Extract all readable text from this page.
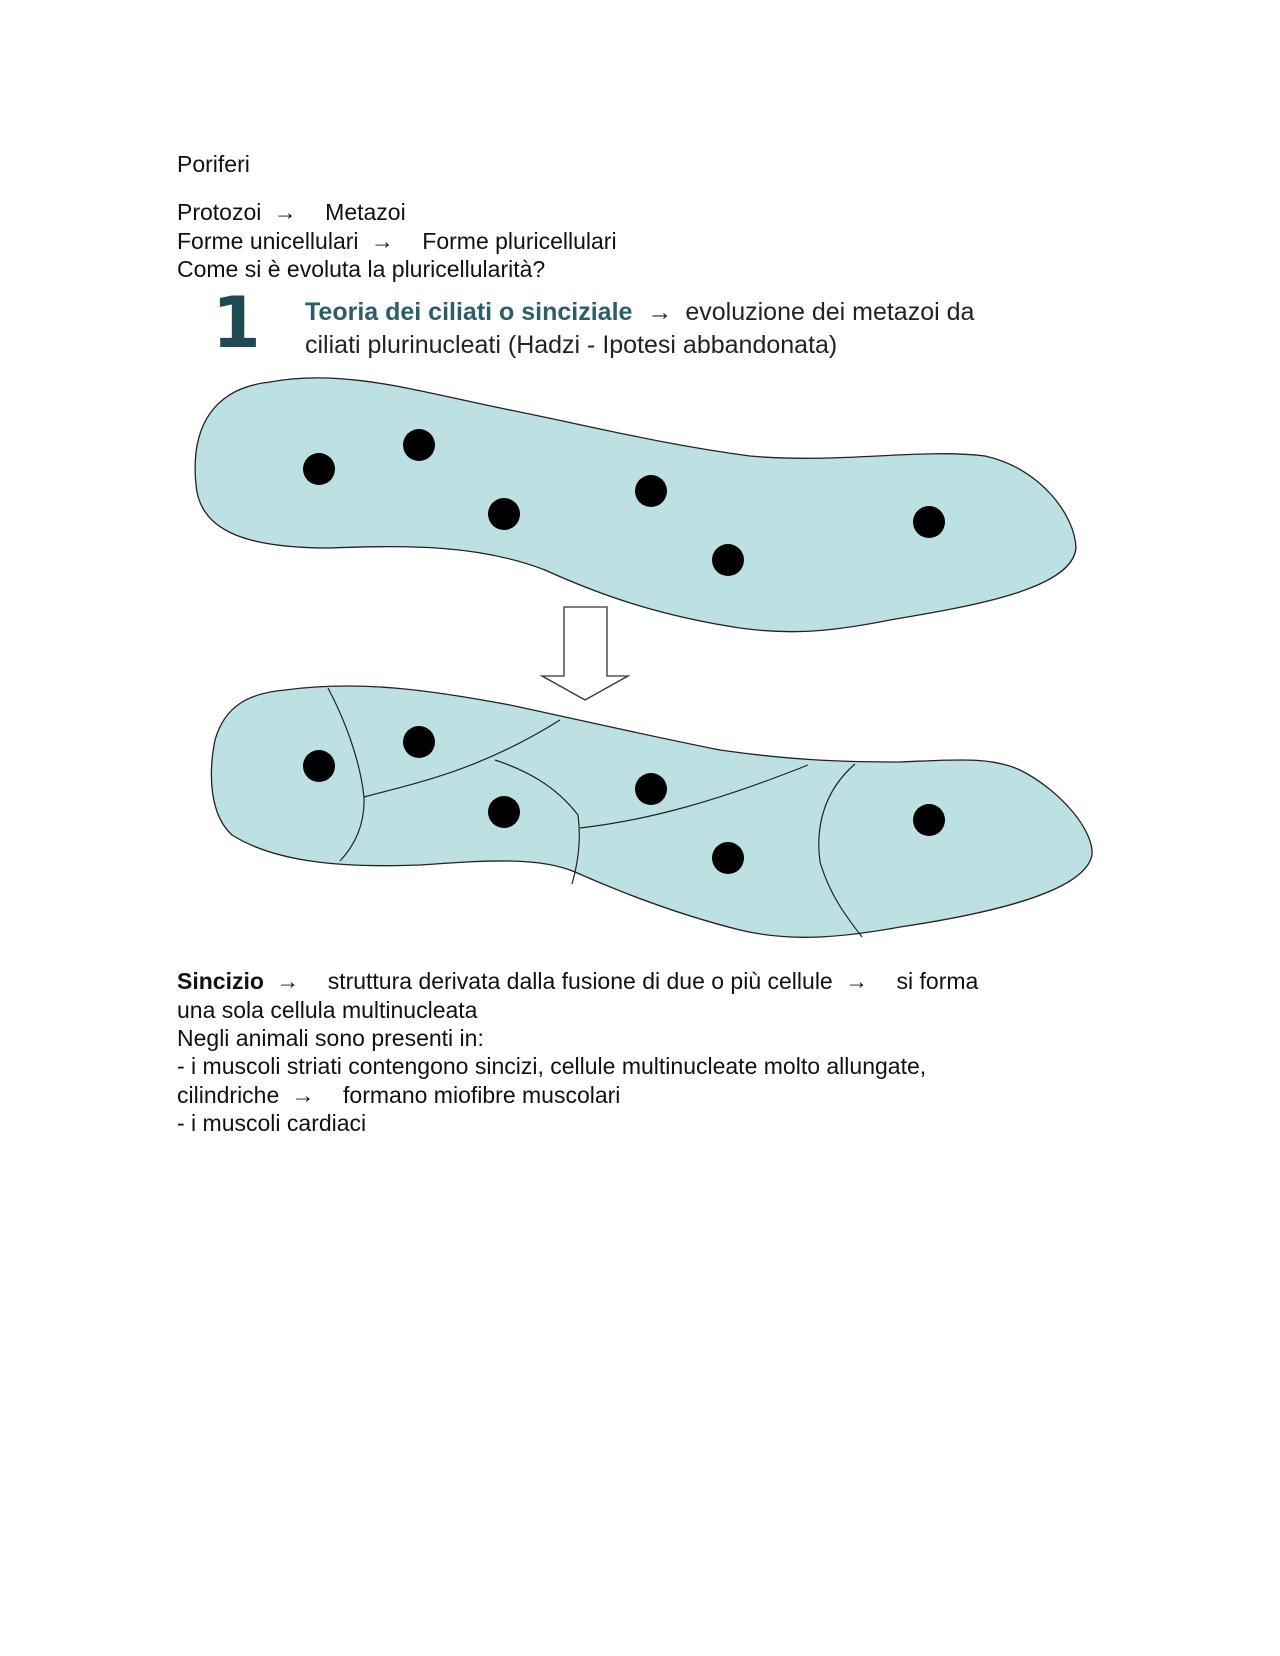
Poriferi
Protozoi → Metazoi
Forme unicellulari → Forme pluricellulari
Come si è evoluta la pluricellularità?
1 Teoria dei ciliati o sinciziale → evoluzione dei metazoi da
ciliati plurinucleati (Hadzi - Ipotesi abbandonata)
Sincizio → struttura derivata dalla fusione di due o più cellule → si forma
una sola cellula multinucleata
Negli animali sono presenti in:
- i muscoli striati contengono sincizi, cellule multinucleate molto allungate,
cilindriche → formano miofibre muscolari
- i muscoli cardiaci
